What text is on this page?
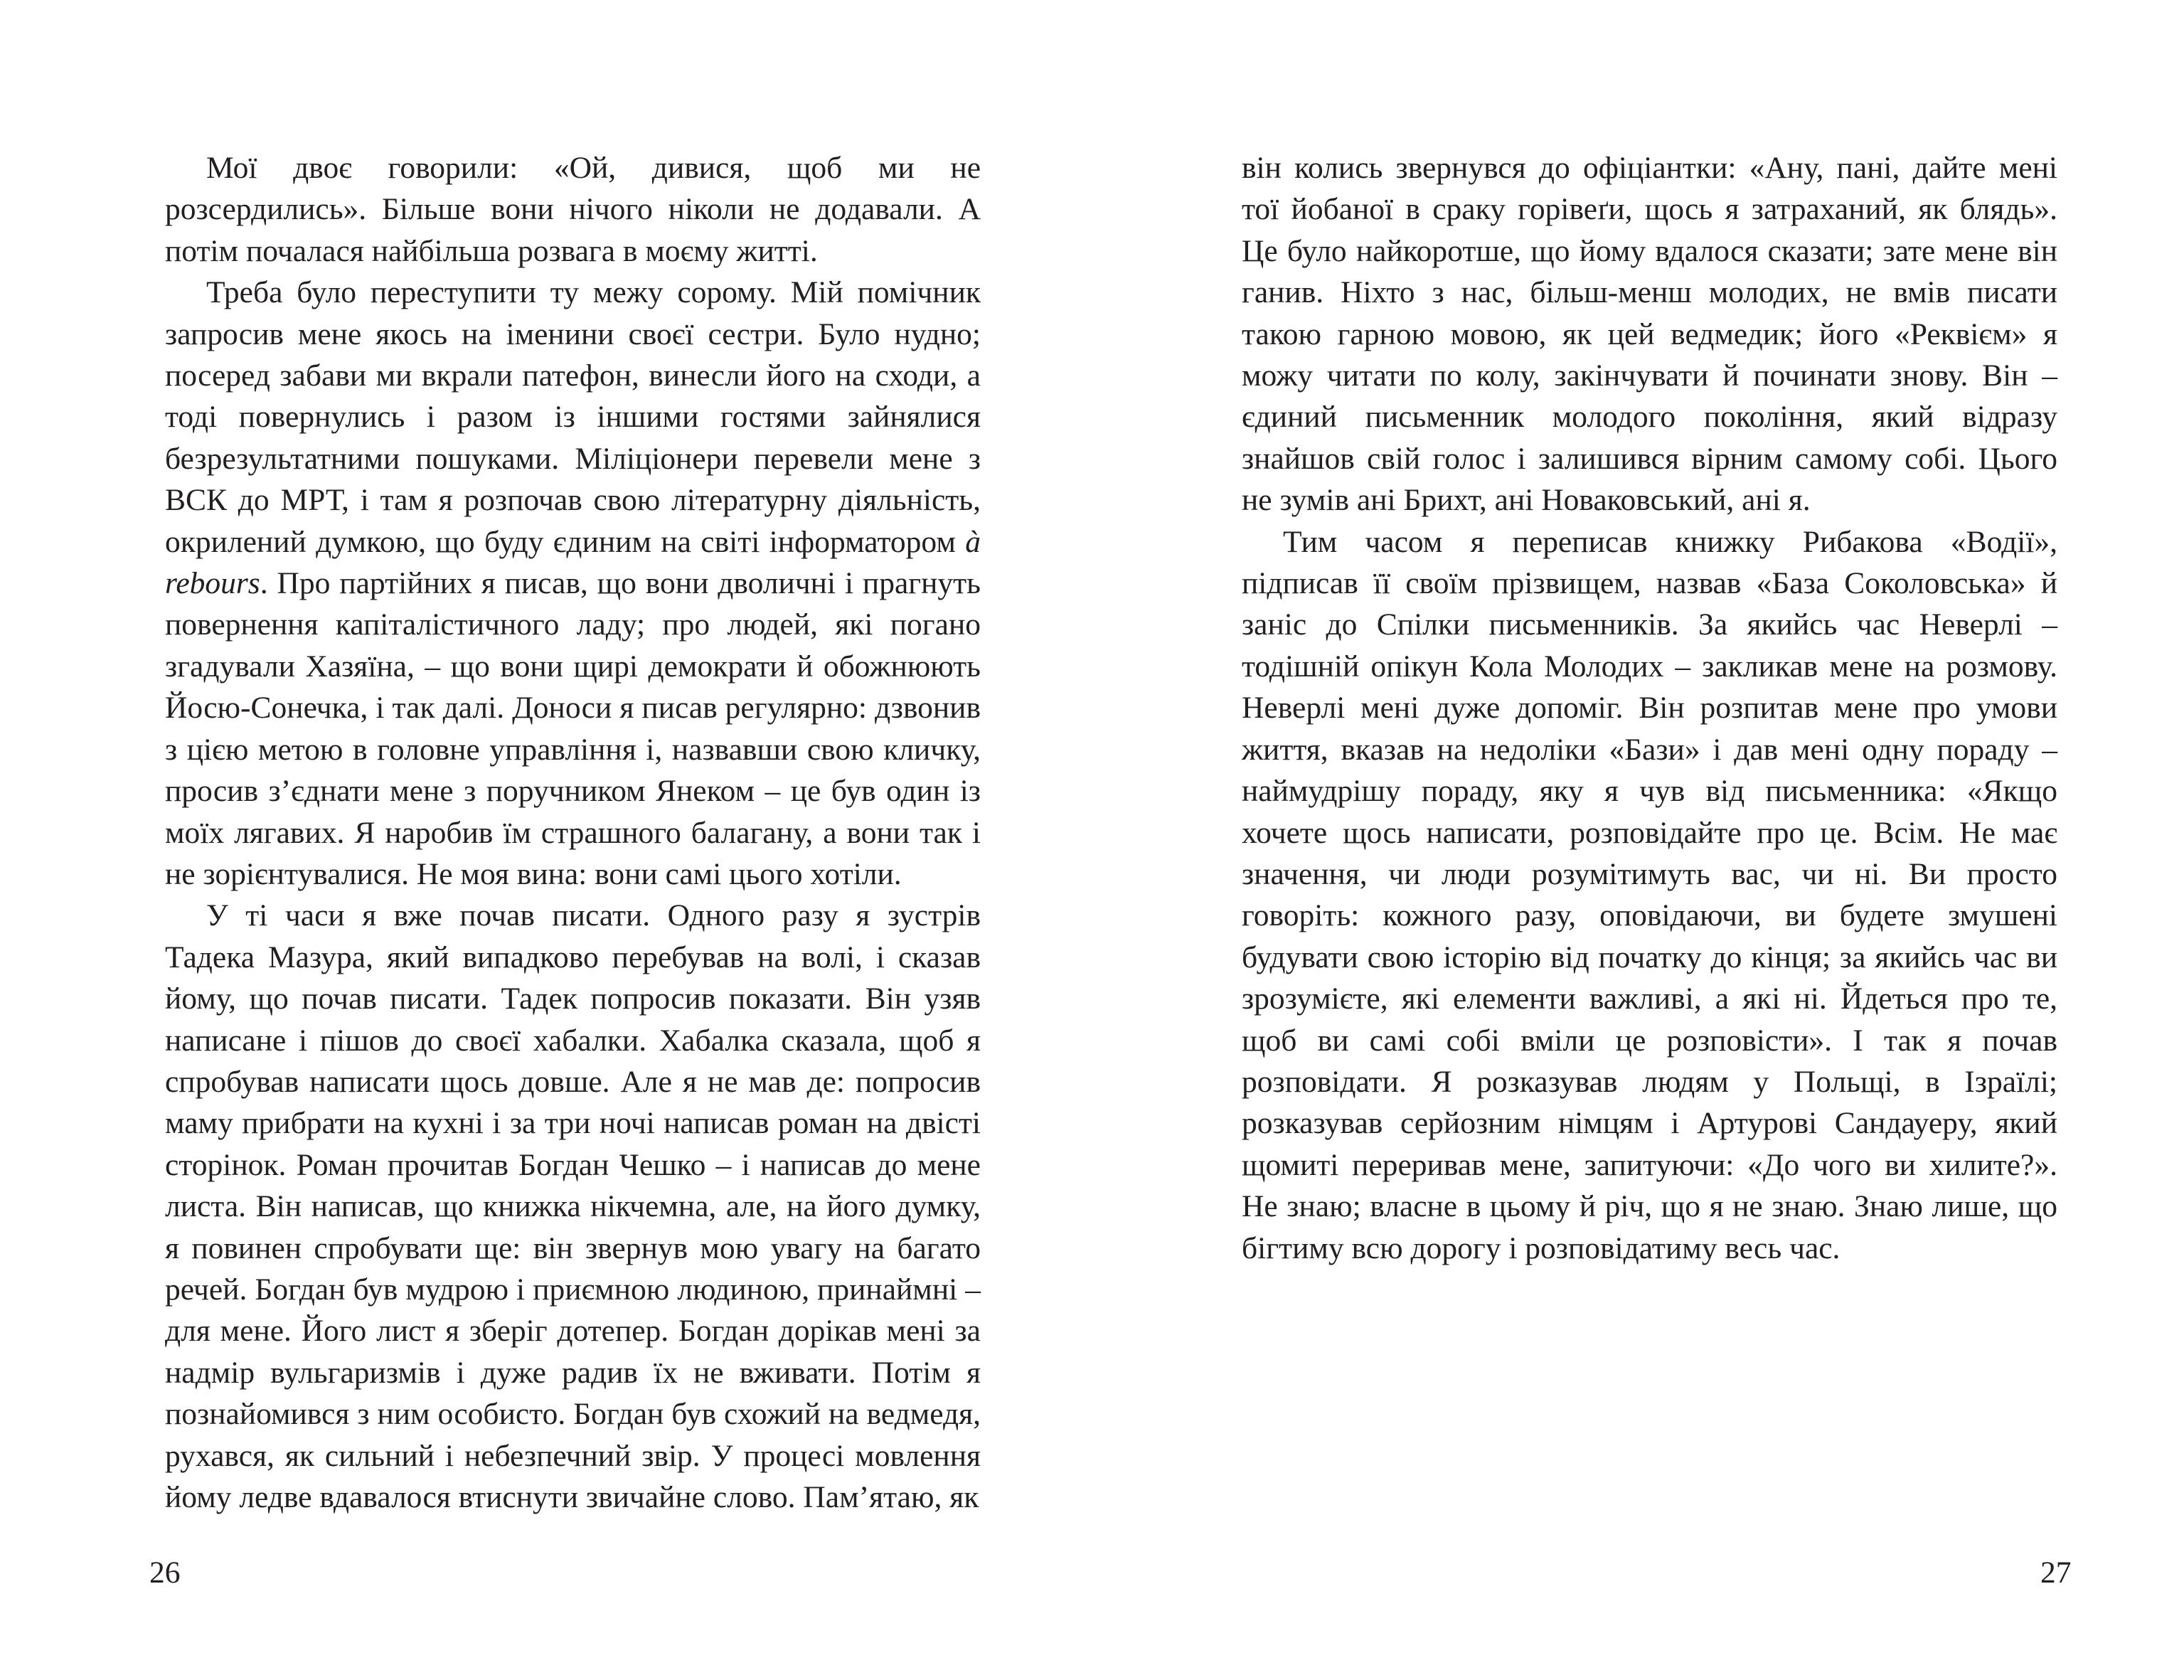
Мої двоє говорили: «Ой, дивися, щоб ми не розсердились». Більше вони нічого ніколи не додавали. А потім почалася найбільша розвага в моєму житті.

Треба було переступити ту межу сорому. Мій помічник запросив мене якось на іменини своєї сестри. Було нудно; посеред забави ми вкрали патефон, винесли його на сходи, а тоді повернулись і разом із іншими гостями зайнялися безрезультатними пошуками. Міліціонери перевели мене з ВСК до МРТ, і там я розпочав свою літературну діяльність, окрилений думкою, що буду єдиним на світі інформатором à rebours. Про партійних я писав, що вони дволичні і прагнуть повернення капіталістичного ладу; про людей, які погано згадували Хазяїна, – що вони щирі демократи й обожнюють Йосю-Сонечка, і так далі. Доноси я писав регулярно: дзвонив з цією метою в головне управління і, назвавши свою кличку, просив з’єднати мене з поручником Янеком – це був один із моїх лягавих. Я наробив їм страшного балагану, а вони так і не зорієнтувалися. Не моя вина: вони самі цього хотіли.

У ті часи я вже почав писати. Одного разу я зустрів Тадека Мазура, який випадково перебував на волі, і сказав йому, що почав писати. Тадек попросив показати. Він узяв написане і пішов до своєї хабалки. Хабалка сказала, щоб я спробував написати щось довше. Але я не мав де: попросив маму прибрати на кухні і за три ночі написав роман на двісті сторінок. Роман прочитав Богдан Чешко – і написав до мене листа. Він написав, що книжка нікчемна, але, на його думку, я повинен спробувати ще: він звернув мою увагу на багато речей. Богдан був мудрою і приємною людиною, принаймні – для мене. Його лист я зберіг дотепер. Богдан дорікав мені за надмір вульгаризмів і дуже радив їх не вживати. Потім я познайомився з ним особисто. Богдан був схожий на ведмедя, рухався, як сильний і небезпечний звір. У процесі мовлення йому ледве вдавалося втиснути звичайне слово. Пам’ятаю, як

26

він колись звернувся до офіціантки: «Ану, пані, дайте мені тої йобаної в сраку горівеґи, щось я затраханий, як блядь». Це було найкоротше, що йому вдалося сказати; зате мене він ганив. Ніхто з нас, більш-менш молодих, не вмів писати такою гарною мовою, як цей ведмедик; його «Реквієм» я можу читати по колу, закінчувати й починати знову. Він – єдиний письменник молодого покоління, який відразу знайшов свій голос і залишився вірним самому собі. Цього не зумів ані Брихт, ані Новаковський, ані я.

Тим часом я переписав книжку Рибакова «Водії», підписав її своїм прізвищем, назвав «База Соколовська» й заніс до Спілки письменників. За якийсь час Неверлі – тодішній опікун Кола Молодих – закликав мене на розмову. Неверлі мені дуже допоміг. Він розпитав мене про умови життя, вказав на недоліки «Бази» і дав мені одну пораду – наймудрішу пораду, яку я чув від письменника: «Якщо хочете щось написати, розповідайте про це. Всім. Не має значення, чи люди розумітимуть вас, чи ні. Ви просто говоріть: кожного разу, оповідаючи, ви будете змушені будувати свою історію від початку до кінця; за якийсь час ви зрозумієте, які елементи важливі, а які ні. Йдеться про те, щоб ви самі собі вміли це розповісти». І так я почав розповідати. Я розказував людям у Польщі, в Ізраїлі; розказував серйозним німцям і Артурові Сандауеру, який щомиті переривав мене, запитуючи: «До чого ви хилите?». Не знаю; власне в цьому й річ, що я не знаю. Знаю лише, що бігтиму всю дорогу і розповідатиму весь час.

27
